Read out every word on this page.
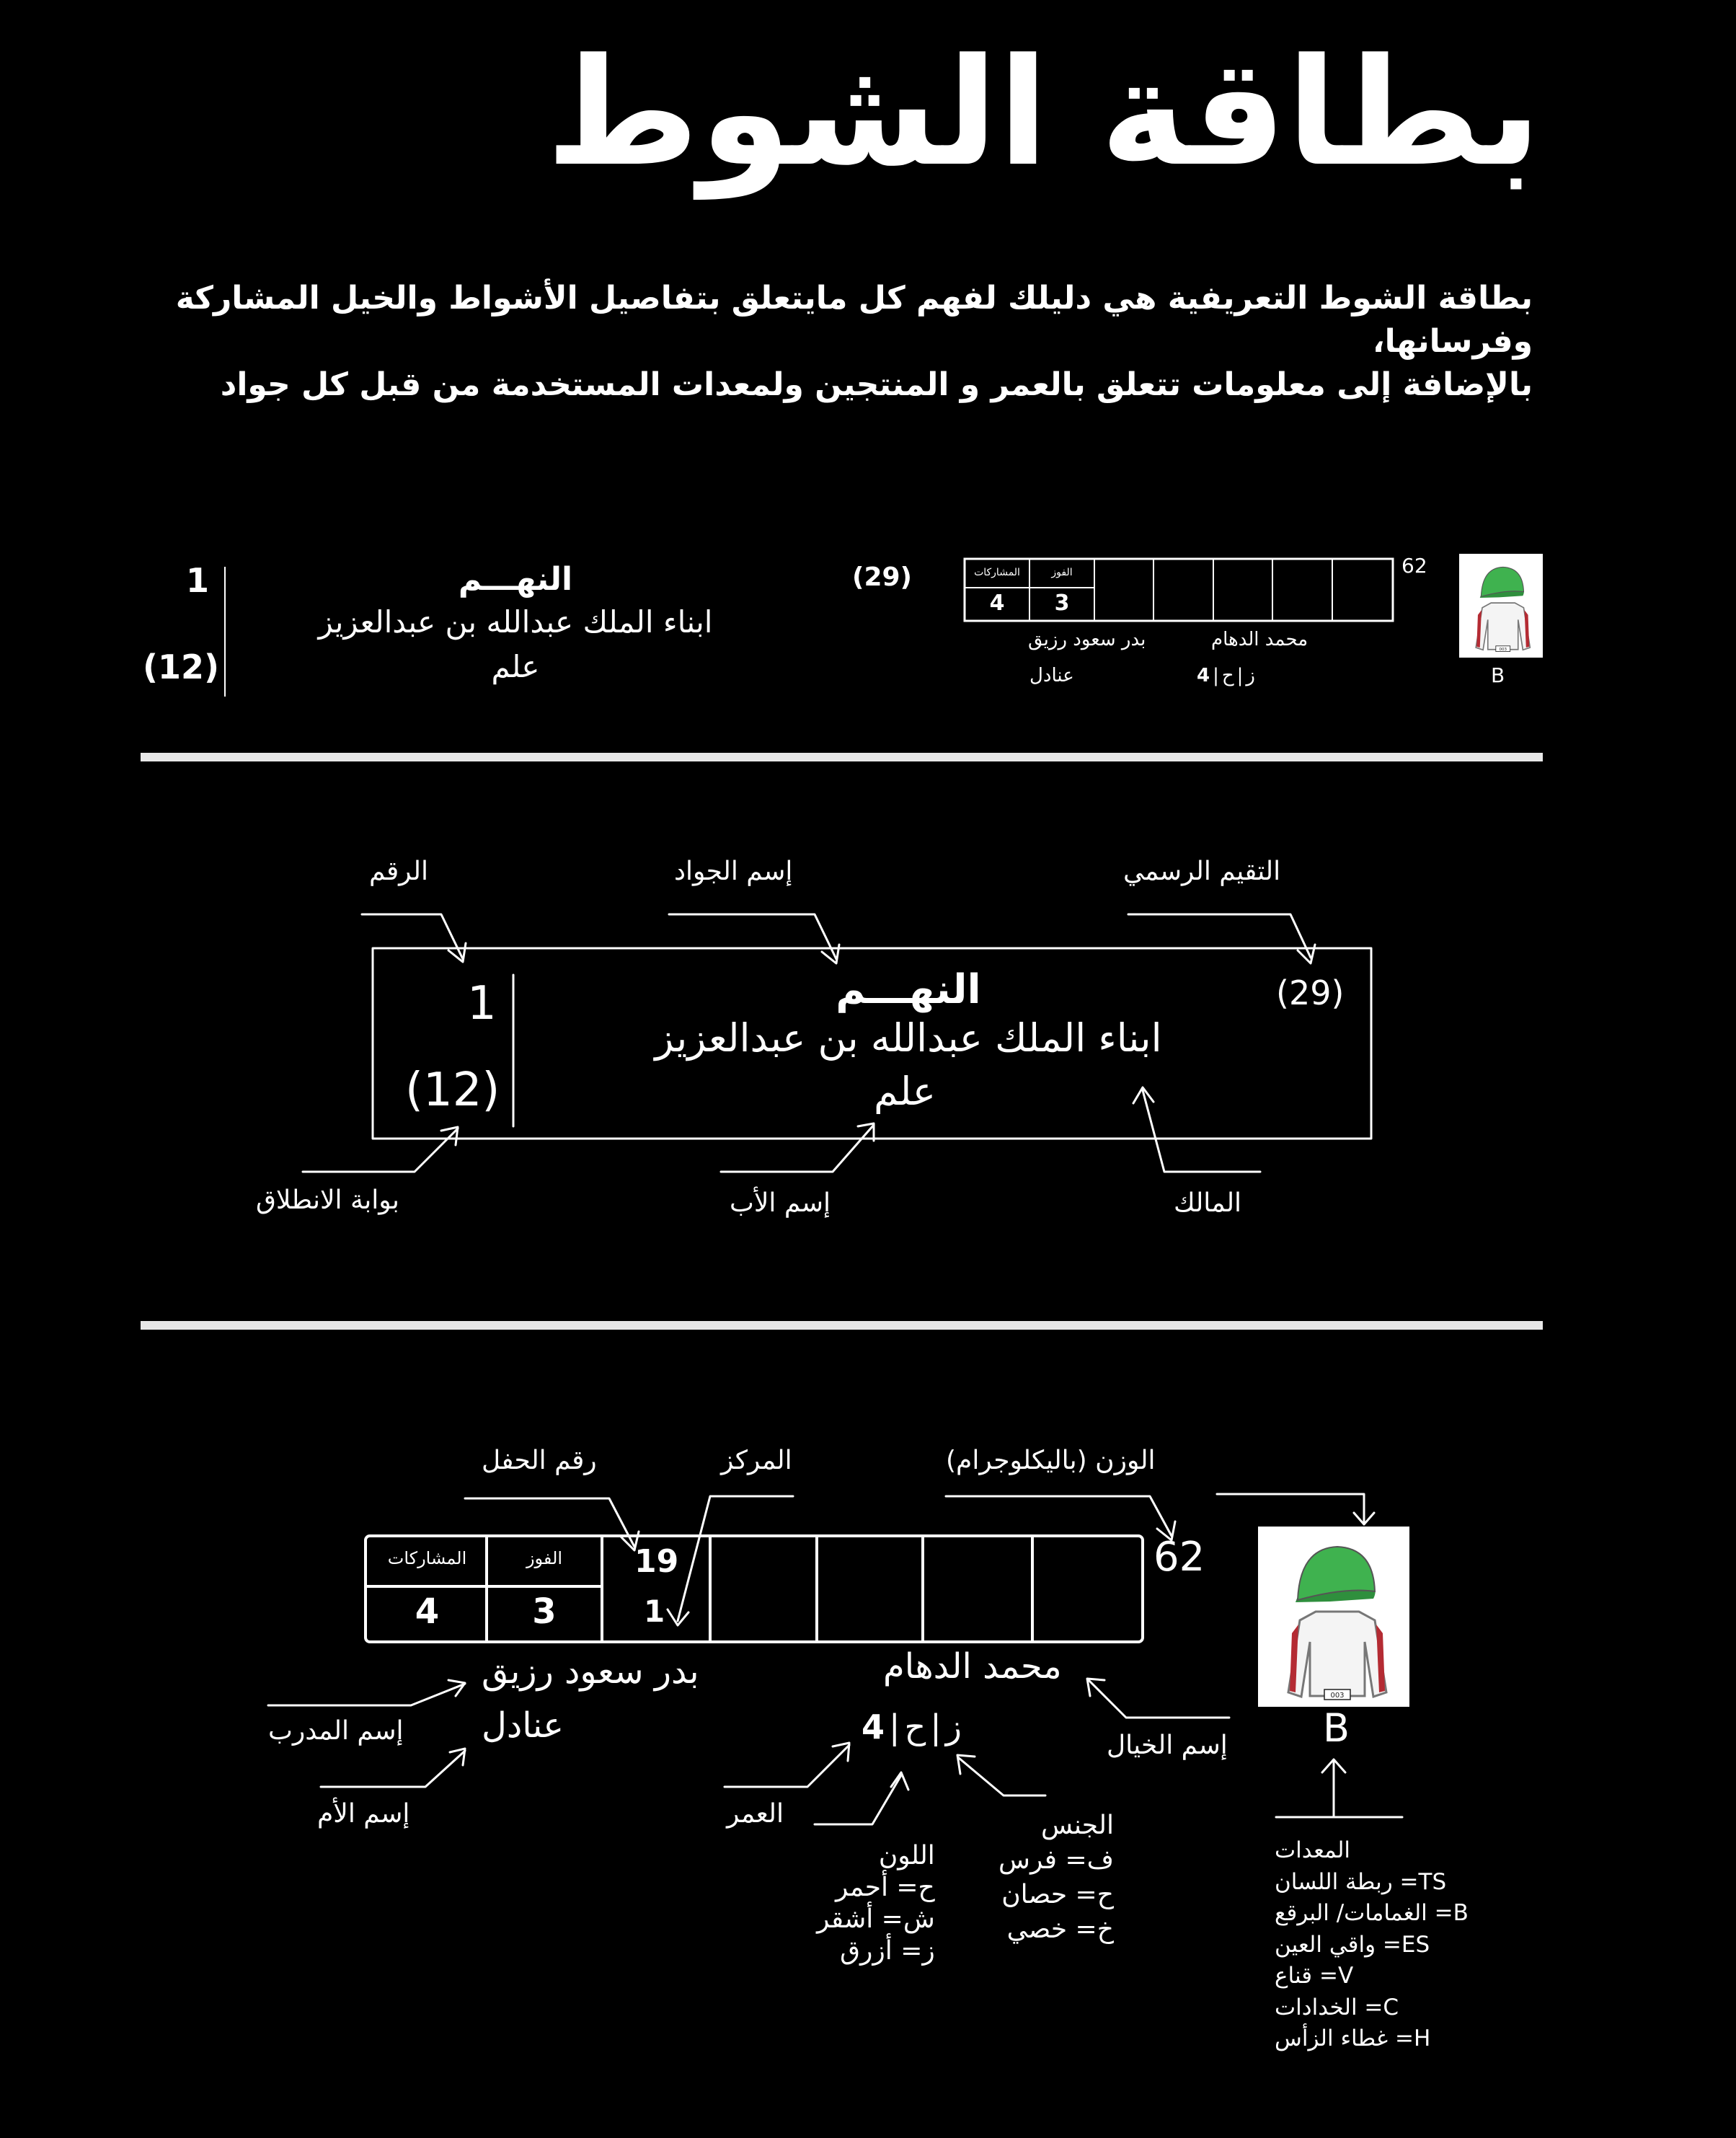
بطاقة الشوط
بطاقة الشوط التعريفية هي دليلك لفهم كل مايتعلق بتفاصيل الأشواط والخيل المشاركة وفرسانها،
بالإضافة إلى معلومات تتعلق بالعمر و المنتجين ولمعدات المستخدمة من قبل كل جواد
1
(12)
النهـــم
ابناء الملك عبدالله بن عبدالعزيز
علم
(29)	المشاركات	الفوز
4	3
62
بدر سعود رزيق
عنادل
محمد الدهام
4 | ز|ح
003
B
1
(12)
النهـــم
ابناء الملك عبدالله بن عبدالعزيز
علم
(29)
الرقم	إسم الجواد	التقيم الرسمي
بوابة الانطلاق	إسم الأب	المالك
المشاركات	الفوز
4	3
19
1
62
بدر سعود رزيق
عنادل
محمد الدهام
4 | ز|ح
003
B
رقم الحفل	المركز	الوزن (باليكلوجرام)
إسم المدرب
إسم الأم	العمر
إسم الخيال
اللون
ح= أحمر
ش= أشقر
ز= أزرق
الجنس
ف= فرس
ح= حصان
خ= خصي
المعدات
TS= ربطة اللسان
B= الغمامات/ البرقع
ES= واقي العين
V= قناع
C= الخدادات
H= غطاء الزأس
